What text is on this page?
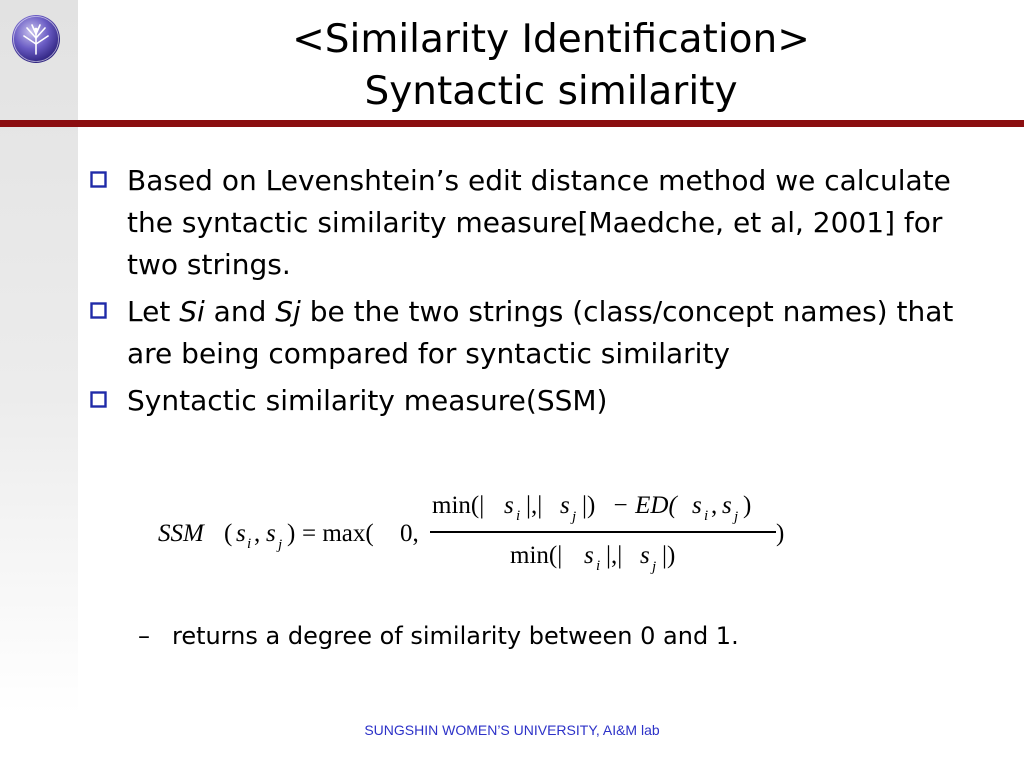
<Similarity Identification>
Syntactic similarity
Based on Levenshtein’s edit distance method we calculate the syntactic similarity measure[Maedche, et al, 2001] for two strings.
Let Si and Sj be the two strings (class/concept names) that are being compared for syntactic similarity
Syntactic similarity measure(SSM)
SSM ( s i , s j ) = max( 0,
min(| s i |,| s j |) − ED( s i , s j )
min(| s i |,| s j |)
)
– returns a degree of similarity between 0 and 1.
SUNGSHIN WOMEN’S UNIVERSITY, AI&M lab
